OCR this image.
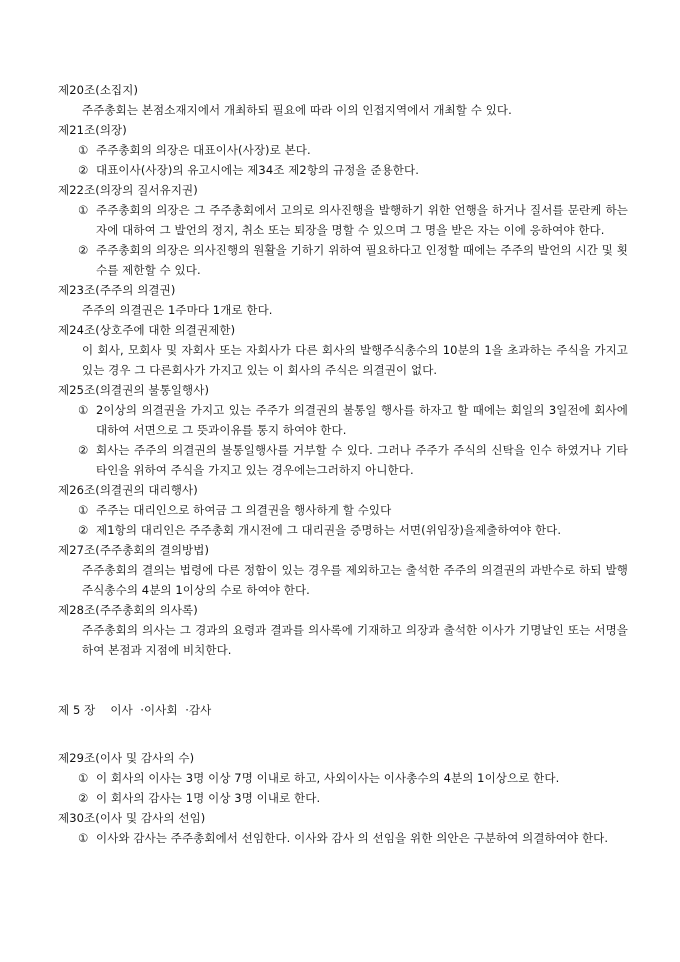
제20조(소집지)

주주총회는 본점소재지에서 개최하되 필요에 따라 이의 인접지역에서 개최할 수 있다.

제21조(의장)

① 주주총회의 의장은 대표이사(사장)로 본다.
② 대표이사(사장)의 유고시에는 제34조 제2항의 규정을 준용한다.

제22조(의장의 질서유지권)

① 주주총회의 의장은 그 주주총회에서 고의로 의사진행을 발행하기 위한 언행을 하거나 질서를 문란케 하는 자에 대하여 그 발언의 정지, 취소 또는 퇴장을 명할 수 있으며 그 명을 받은 자는 이에 응하여야 한다.
② 주주총회의 의장은 의사진행의 원활을 기하기 위하여 필요하다고 인정할 때에는 주주의 발언의 시간 및 횟수를 제한할 수 있다.

제23조(주주의 의결권)

주주의 의결권은 1주마다 1개로 한다.

제24조(상호주에 대한 의결권제한)

이 회사, 모회사 및 자회사 또는 자회사가 다른 회사의 발행주식총수의 10분의 1을 초과하는 주식을 가지고 있는 경우 그 다른회사가 가지고 있는 이 회사의 주식은 의결권이 없다.

제25조(의결권의 불통일행사)

① 2이상의 의결권을 가지고 있는 주주가 의결권의 불통일 행사를 하자고 할 때에는 회일의 3일전에 회사에 대하여 서면으로 그 뜻과이유를 통지 하여야 한다.
② 회사는 주주의 의결권의 불통일행사를 거부할 수 있다. 그러나 주주가 주식의 신탁을 인수 하였거나 기타 타인을 위하여 주식을 가지고 있는 경우에는그러하지 아니한다.

제26조(의결권의 대리행사)

① 주주는 대리인으로 하여금 그 의결권을 행사하게 할 수있다
② 제1항의 대리인은 주주총회 개시전에 그 대리권을 증명하는 서면(위임장)을제출하여야 한다.

제27조(주주총회의 결의방법)

주주총회의 결의는 법령에 다른 정함이 있는 경우를 제외하고는 출석한 주주의 의결권의 과반수로 하되 발행주식총수의 4분의 1이상의 수로 하여야 한다.

제28조(주주총회의 의사록)

주주총회의 의사는 그 경과의 요령과 결과를 의사록에 기재하고 의장과 출석한 이사가 기명날인 또는 서명을 하여 본점과 지점에 비치한다.

제 5 장    이사  ·이사회  ·감사

제29조(이사 및 감사의 수)

① 이 회사의 이사는 3명 이상 7명 이내로 하고, 사외이사는 이사총수의 4분의 1이상으로 한다.
② 이 회사의 감사는 1명 이상 3명 이내로 한다.

제30조(이사 및 감사의 선임)

① 이사와 감사는 주주총회에서 선임한다. 이사와 감사 의 선임을 위한 의안은 구분하여 의결하여야 한다.
